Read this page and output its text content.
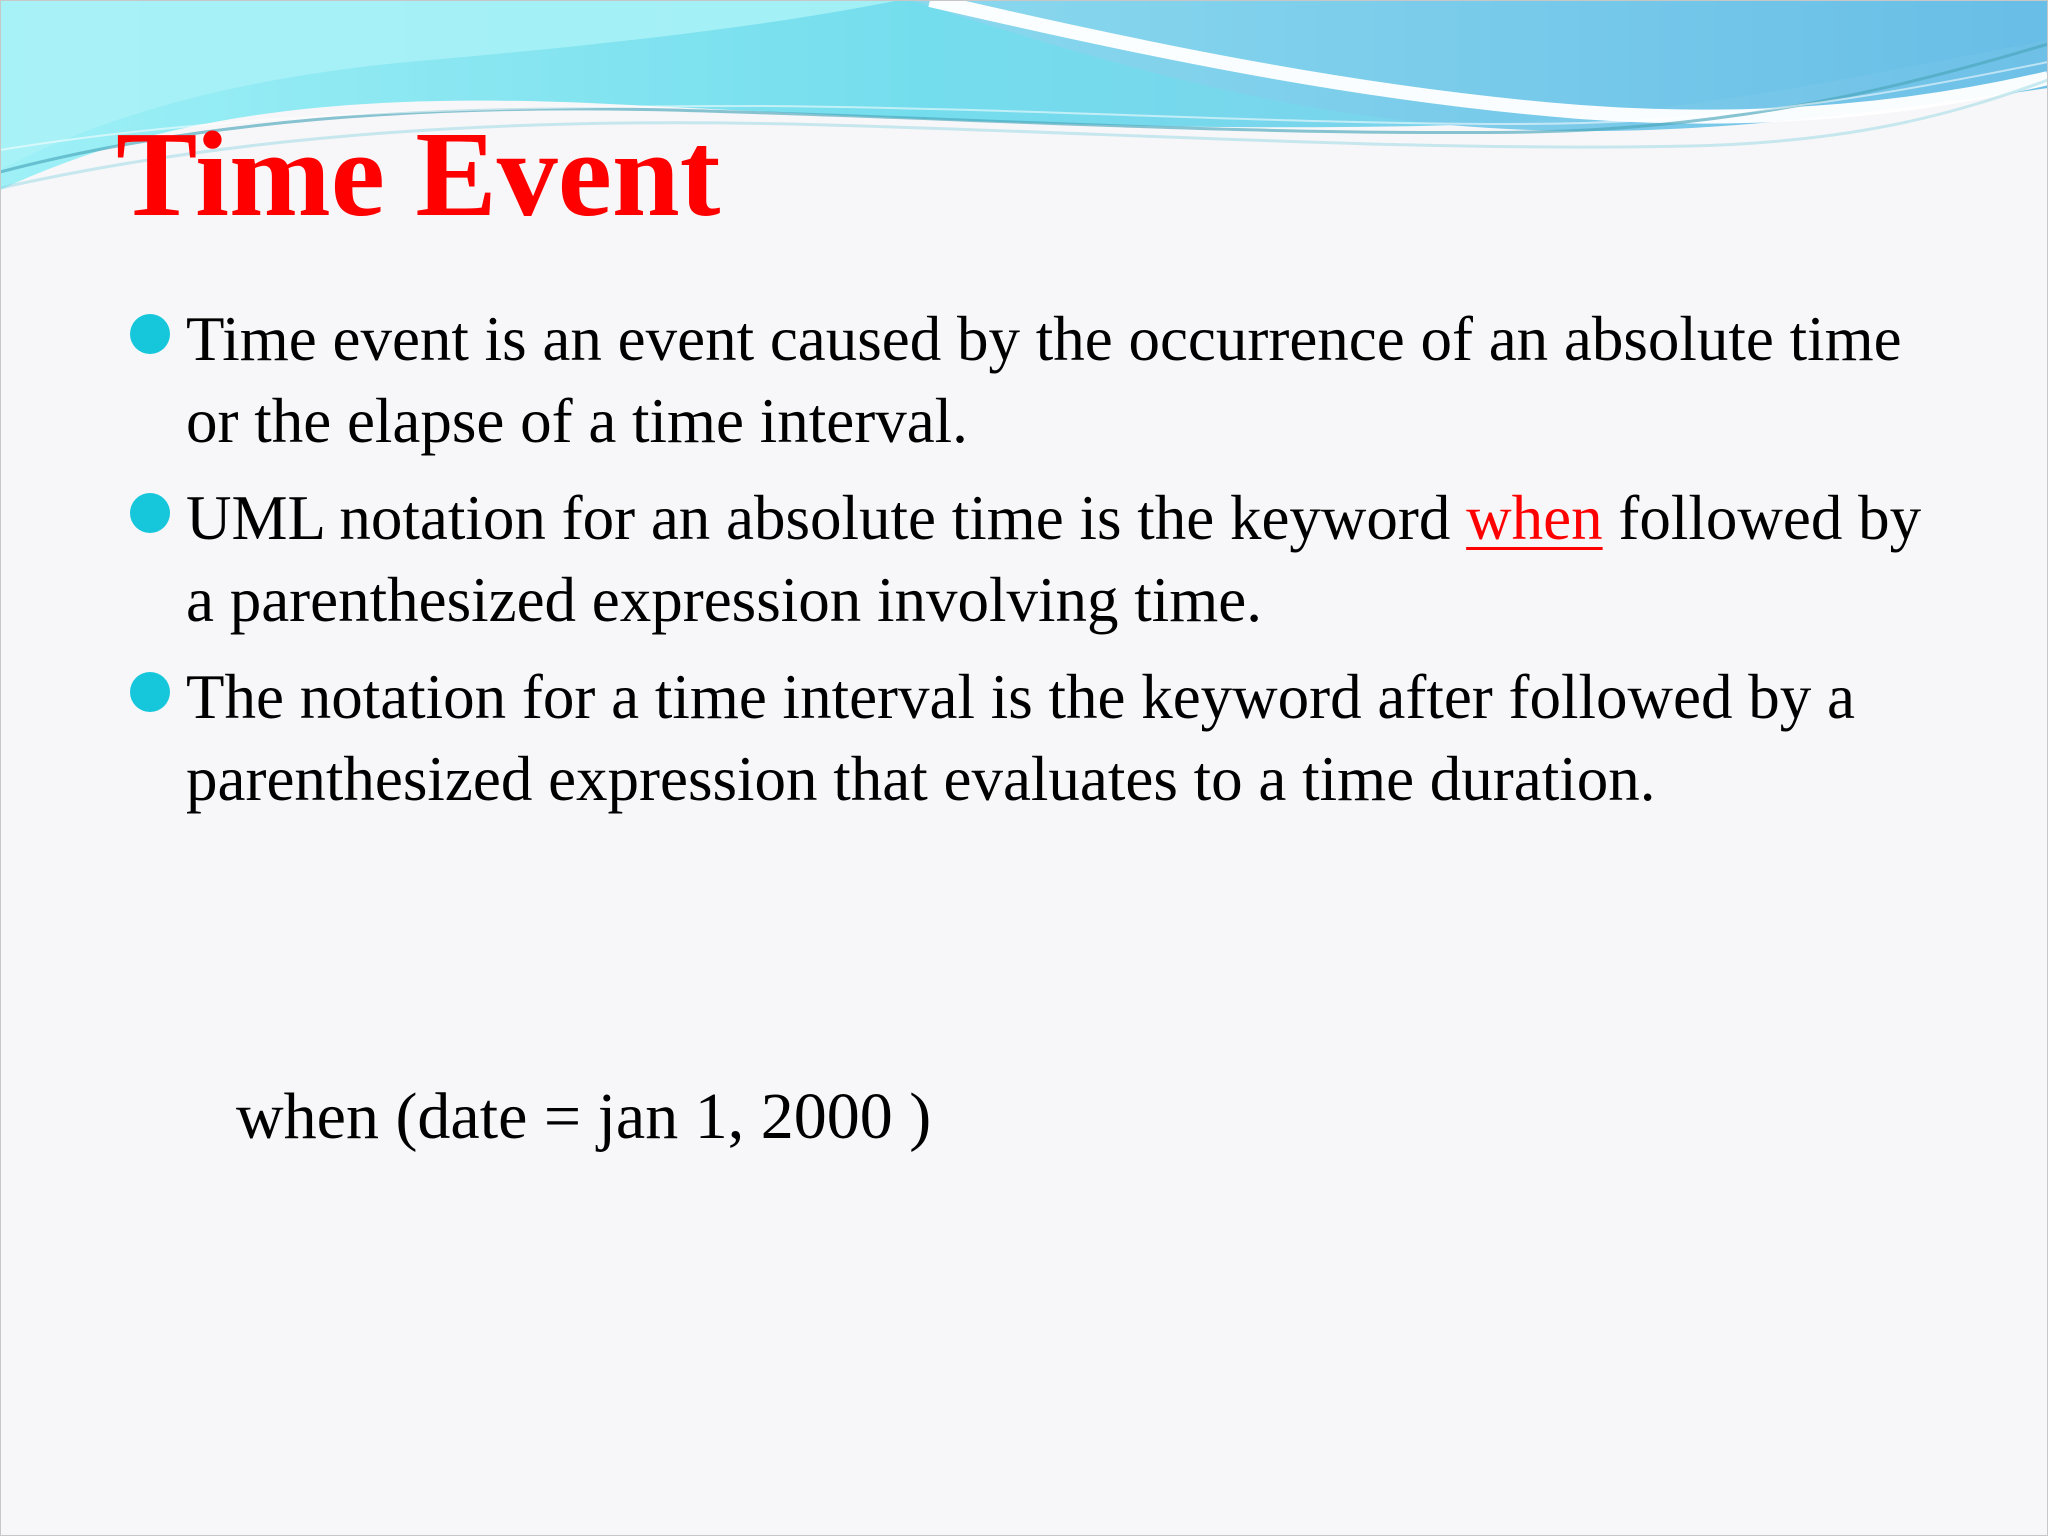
Time Event
Time event is an event caused by the occurrence of an absolute time or the elapse of a time interval.
UML notation for an absolute time is the keyword when followed by a parenthesized expression involving time.
The notation for a time interval is the keyword after followed by a  parenthesized expression that evaluates to a time duration.

when (date = jan 1, 2000 )
